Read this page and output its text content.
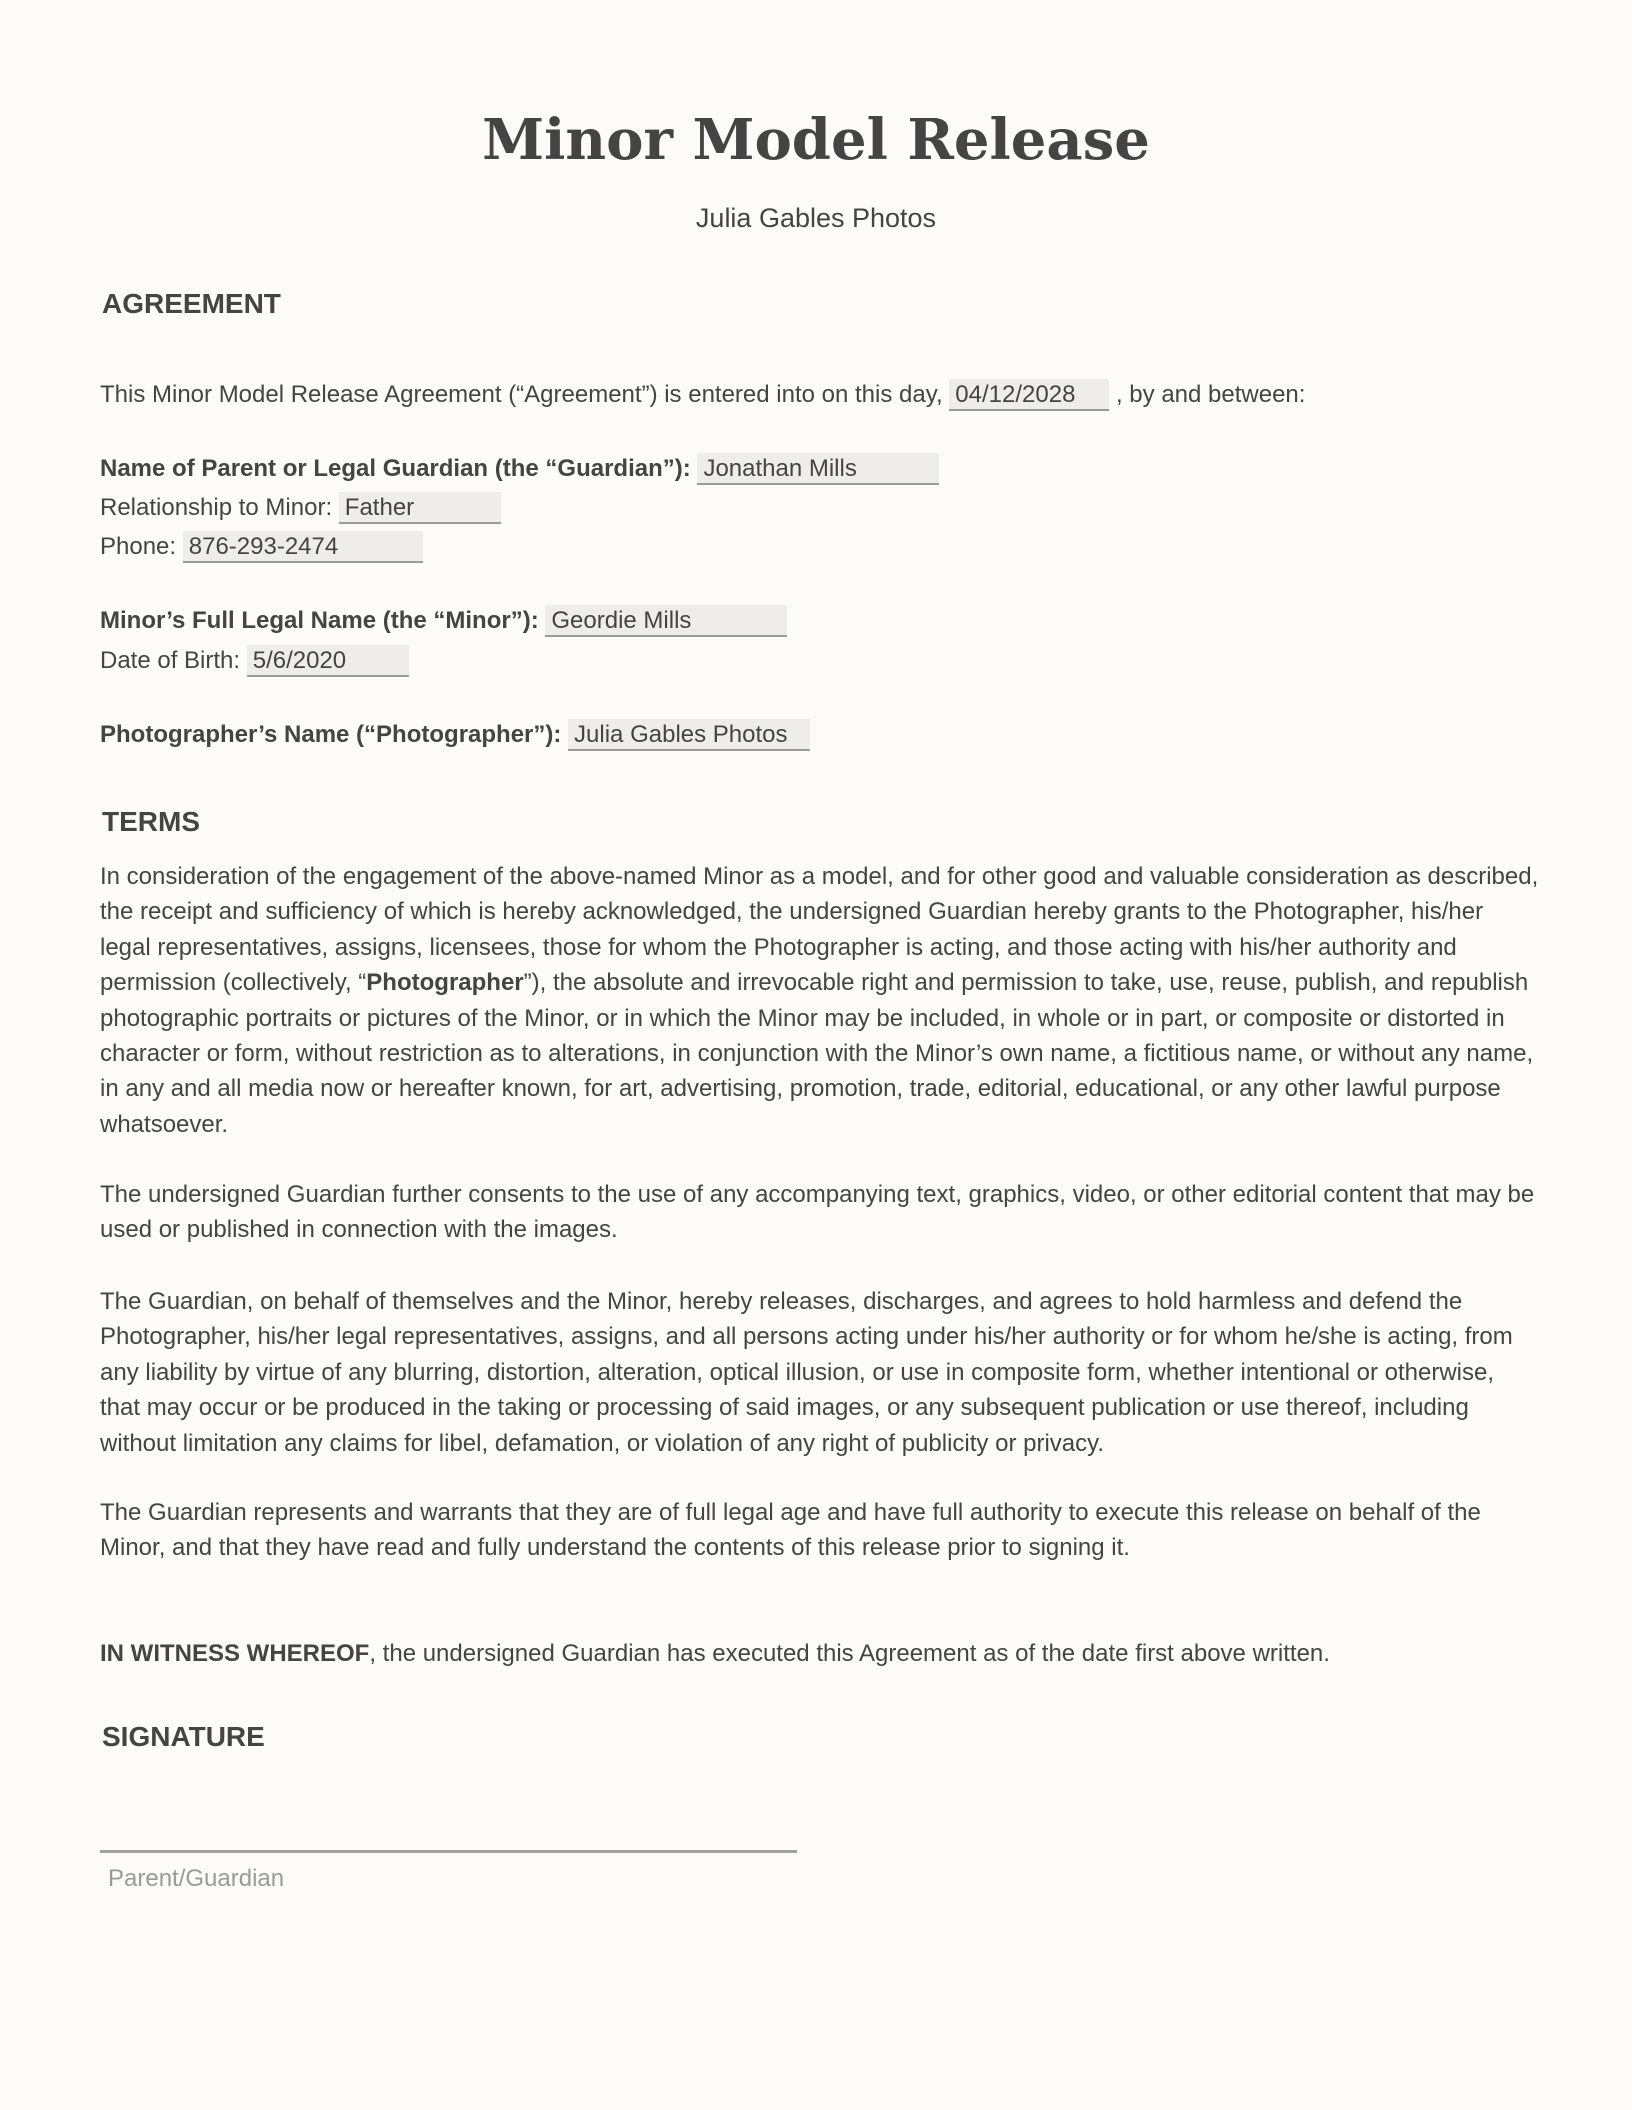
Minor Model Release
Julia Gables Photos
AGREEMENT
This Minor Model Release Agreement (“Agreement”) is entered into on this day, 04/12/2028 , by and between:
Name of Parent or Legal Guardian (the “Guardian”): Jonathan Mills
Relationship to Minor: Father
Phone: 876-293-2474
Minor’s Full Legal Name (the “Minor”): Geordie Mills
Date of Birth: 5/6/2020
Photographer’s Name (“Photographer”): Julia Gables Photos
TERMS
In consideration of the engagement of the above-named Minor as a model, and for other good and valuable consideration as described, the receipt and sufficiency of which is hereby acknowledged, the undersigned Guardian hereby grants to the Photographer, his/her legal representatives, assigns, licensees, those for whom the Photographer is acting, and those acting with his/her authority and permission (collectively, “Photographer”), the absolute and irrevocable right and permission to take, use, reuse, publish, and republish photographic portraits or pictures of the Minor, or in which the Minor may be included, in whole or in part, or composite or distorted in character or form, without restriction as to alterations, in conjunction with the Minor’s own name, a fictitious name, or without any name, in any and all media now or hereafter known, for art, advertising, promotion, trade, editorial, educational, or any other lawful purpose whatsoever.
The undersigned Guardian further consents to the use of any accompanying text, graphics, video, or other editorial content that may be used or published in connection with the images.
The Guardian, on behalf of themselves and the Minor, hereby releases, discharges, and agrees to hold harmless and defend the Photographer, his/her legal representatives, assigns, and all persons acting under his/her authority or for whom he/she is acting, from any liability by virtue of any blurring, distortion, alteration, optical illusion, or use in composite form, whether intentional or otherwise, that may occur or be produced in the taking or processing of said images, or any subsequent publication or use thereof, including without limitation any claims for libel, defamation, or violation of any right of publicity or privacy.
The Guardian represents and warrants that they are of full legal age and have full authority to execute this release on behalf of the Minor, and that they have read and fully understand the contents of this release prior to signing it.
IN WITNESS WHEREOF, the undersigned Guardian has executed this Agreement as of the date first above written.
SIGNATURE
Parent/Guardian
